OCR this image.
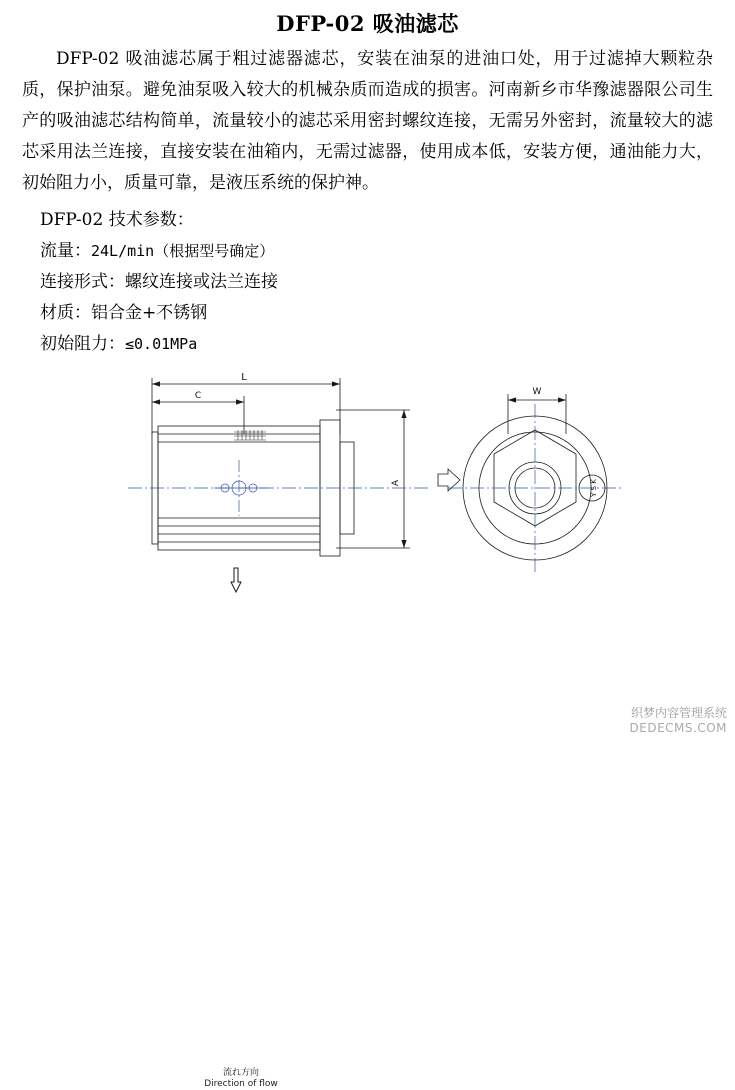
DFP-02 吸油滤芯
DFP-02 吸油滤芯属于粗过滤器滤芯，安装在油泵的进油口处，用于过滤掉大颗粒杂质，保护油泵。避免油泵吸入较大的机械杂质而造成的损害。河南新乡市华豫滤器限公司生产的吸油滤芯结构简单，流量较小的滤芯采用密封螺纹连接，无需另外密封，流量较大的滤芯采用法兰连接，直接安装在油箱内，无需过滤器，使用成本低，安装方便，通油能力大，初始阻力小，质量可靠，是液压系统的保护神。
DFP-02 技术参数：
流量：24L/min（根据型号确定）
连接形式：螺纹连接或法兰连接
材质：铝合金+不锈钢
初始阻力：≤0.01MPa
L
C
A
W
Y S K
流れ方向
Direction of flow
织梦内容管理系统
DEDECMS.COM
